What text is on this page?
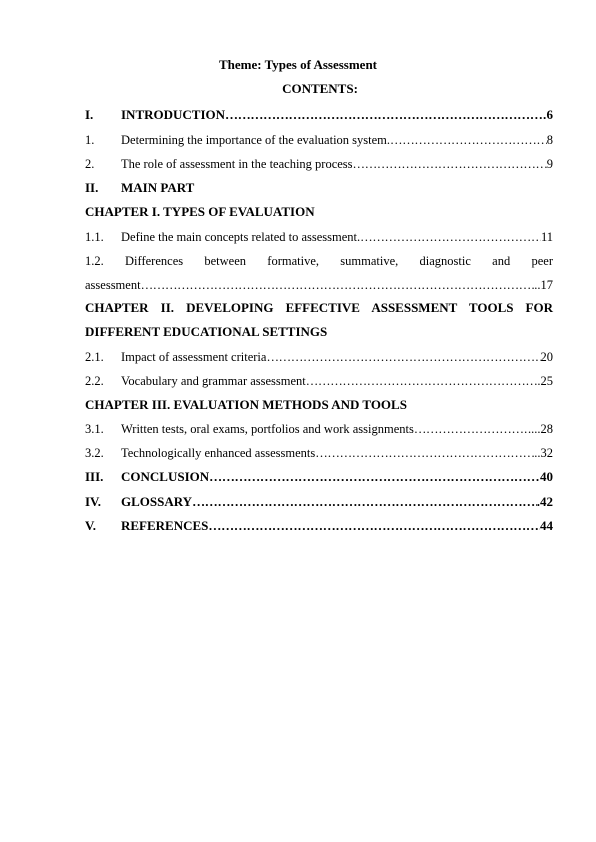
Theme: Types of Assessment
CONTENTS:
I.	INTRODUCTION ……………………………………………………………………………………………………………………………………………………	6
1.	Determining the importance of the evaluation system. ……………………………………………………………………………………………………………………………………………………	8
2.	The role of assessment in the teaching process ……………………………………………………………………………………………………………………………………………………	9
II.	MAIN PART
CHAPTER I. TYPES OF EVALUATION
1.1.	Define the main concepts related to assessment. ……………………………………………………………………………………………………………………………………………………	11
1.2. Differences between formative, summative, diagnostic and peer
assessment ……………………………………………………………………………………………………………………………………………………	..17
CHAPTER II. DEVELOPING EFFECTIVE ASSESSMENT TOOLS FOR
DIFFERENT EDUCATIONAL SETTINGS
2.1.	Impact of assessment criteria ……………………………………………………………………………………………………………………………………………………	20
2.2.	Vocabulary and grammar assessment ……………………………………………………………………………………………………………………………………………………	..25
CHAPTER III. EVALUATION METHODS AND TOOLS
3.1.	Written tests, oral exams, portfolios and work assignments ……………………………………………………………………………………………………………………………………………………	....28
3.2.	Technologically enhanced assessments ……………………………………………………………………………………………………………………………………………………	..32
III.	CONCLUSION ……………………………………………………………………………………………………………………………………………………	40
IV.	GLOSSARY ……………………………………………………………………………………………………………………………………………………	.42
V.	REFERENCES ……………………………………………………………………………………………………………………………………………………	44
